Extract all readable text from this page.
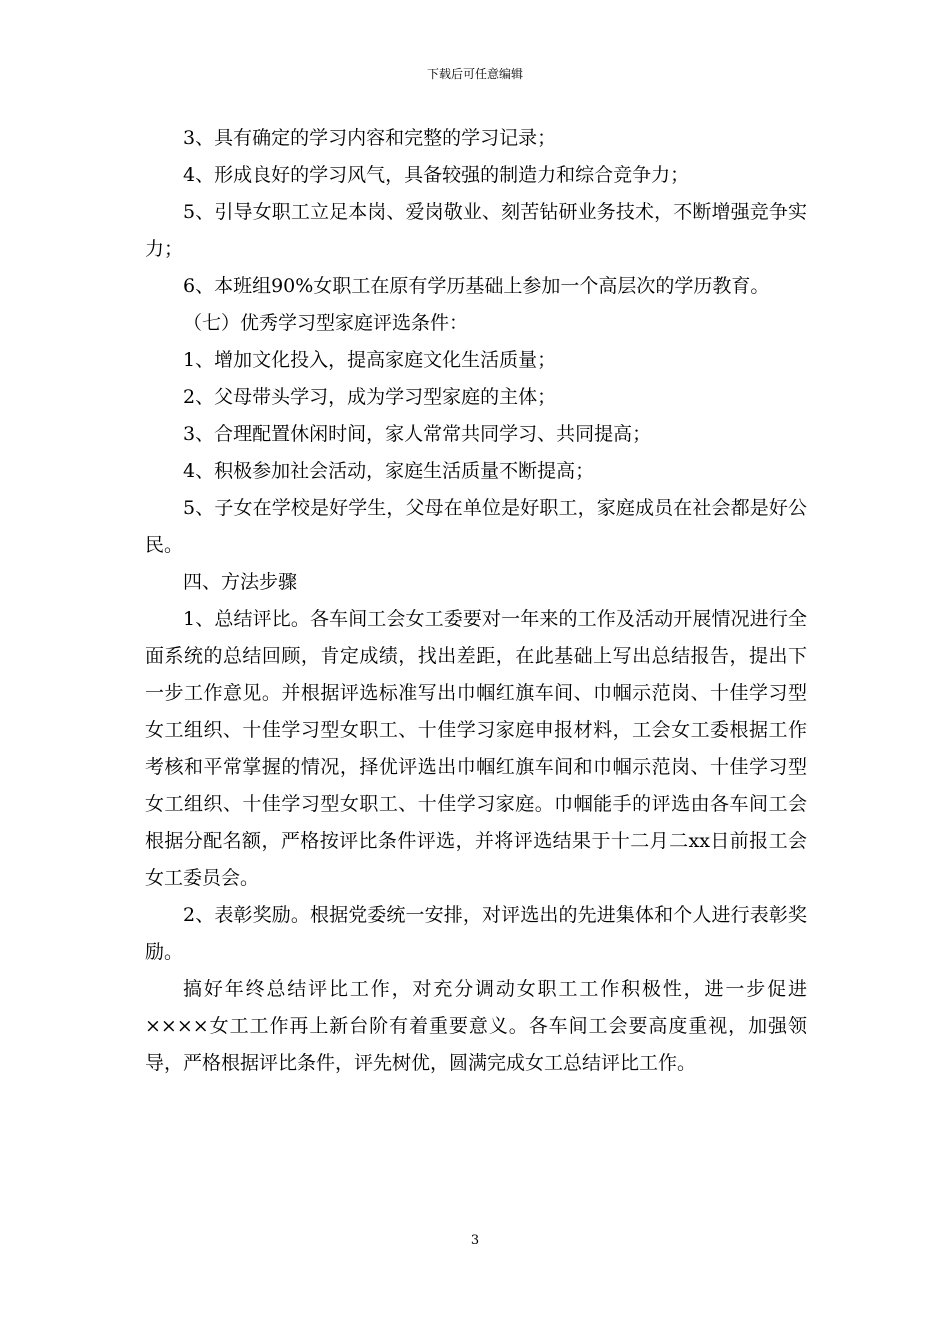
下载后可任意编辑

3、具有确定的学习内容和完整的学习记录；

4、形成良好的学习风气，具备较强的制造力和综合竞争力；

5、引导女职工立足本岗、爱岗敬业、刻苦钻研业务技术，不断增强竞争实力；

6、本班组90%女职工在原有学历基础上参加一个高层次的学历教育。

（七）优秀学习型家庭评选条件：

1、增加文化投入，提高家庭文化生活质量；

2、父母带头学习，成为学习型家庭的主体；

3、合理配置休闲时间，家人常常共同学习、共同提高；

4、积极参加社会活动，家庭生活质量不断提高；

5、子女在学校是好学生，父母在单位是好职工，家庭成员在社会都是好公民。

四、方法步骤

1、总结评比。各车间工会女工委要对一年来的工作及活动开展情况进行全面系统的总结回顾，肯定成绩，找出差距，在此基础上写出总结报告，提出下一步工作意见。并根据评选标准写出巾帼红旗车间、巾帼示范岗、十佳学习型女工组织、十佳学习型女职工、十佳学习家庭申报材料，工会女工委根据工作考核和平常掌握的情况，择优评选出巾帼红旗车间和巾帼示范岗、十佳学习型女工组织、十佳学习型女职工、十佳学习家庭。巾帼能手的评选由各车间工会根据分配名额，严格按评比条件评选，并将评选结果于十二月二xx日前报工会女工委员会。

2、表彰奖励。根据党委统一安排，对评选出的先进集体和个人进行表彰奖励。

搞好年终总结评比工作，对充分调动女职工工作积极性，进一步促进××××女工工作再上新台阶有着重要意义。各车间工会要高度重视，加强领导，严格根据评比条件，评先树优，圆满完成女工总结评比工作。

3
